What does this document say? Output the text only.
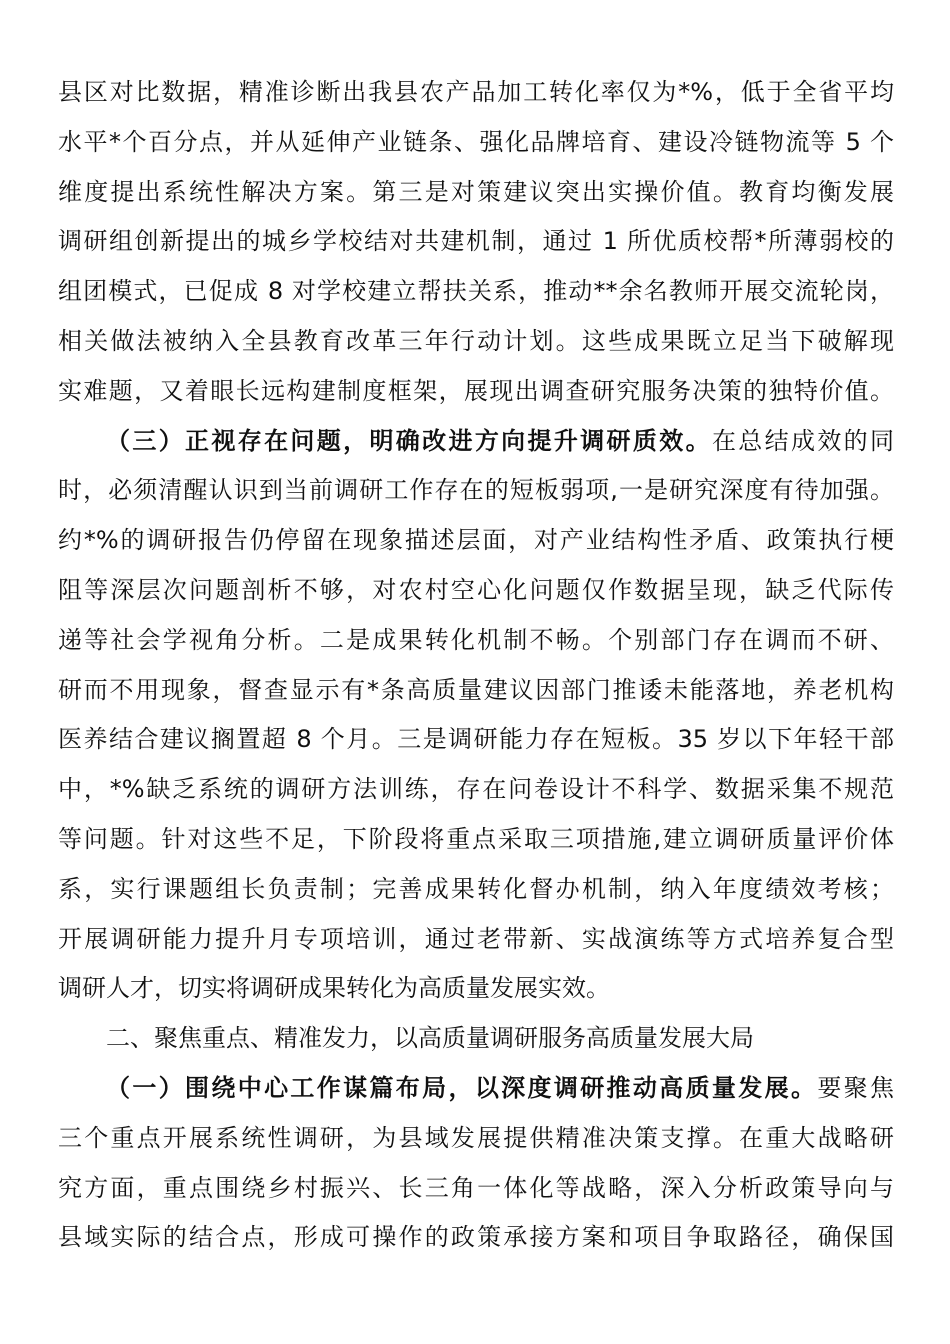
县区对比数据，精准诊断出我县农产品加工转化率仅为*%，低于全省平均
水平*个百分点，并从延伸产业链条、强化品牌培育、建设冷链物流等 5 个
维度提出系统性解决方案。第三是对策建议突出实操价值。教育均衡发展
调研组创新提出的城乡学校结对共建机制，通过 1 所优质校帮*所薄弱校的
组团模式，已促成 8 对学校建立帮扶关系，推动**余名教师开展交流轮岗，
相关做法被纳入全县教育改革三年行动计划。这些成果既立足当下破解现
实难题，又着眼长远构建制度框架，展现出调查研究服务决策的独特价值。
（三）正视存在问题，明确改进方向提升调研质效。在总结成效的同
时，必须清醒认识到当前调研工作存在的短板弱项,一是研究深度有待加强。
约*%的调研报告仍停留在现象描述层面，对产业结构性矛盾、政策执行梗
阻等深层次问题剖析不够，对农村空心化问题仅作数据呈现，缺乏代际传
递等社会学视角分析。二是成果转化机制不畅。个别部门存在调而不研、
研而不用现象，督查显示有*条高质量建议因部门推诿未能落地，养老机构
医养结合建议搁置超 8 个月。三是调研能力存在短板。35 岁以下年轻干部
中，*%缺乏系统的调研方法训练，存在问卷设计不科学、数据采集不规范
等问题。针对这些不足，下阶段将重点采取三项措施,建立调研质量评价体
系，实行课题组长负责制；完善成果转化督办机制，纳入年度绩效考核；
开展调研能力提升月专项培训，通过老带新、实战演练等方式培养复合型
调研人才，切实将调研成果转化为高质量发展实效。
二、聚焦重点、精准发力，以高质量调研服务高质量发展大局
（一）围绕中心工作谋篇布局，以深度调研推动高质量发展。要聚焦
三个重点开展系统性调研，为县域发展提供精准决策支撑。在重大战略研
究方面，重点围绕乡村振兴、长三角一体化等战略，深入分析政策导向与
县域实际的结合点，形成可操作的政策承接方案和项目争取路径，确保国
